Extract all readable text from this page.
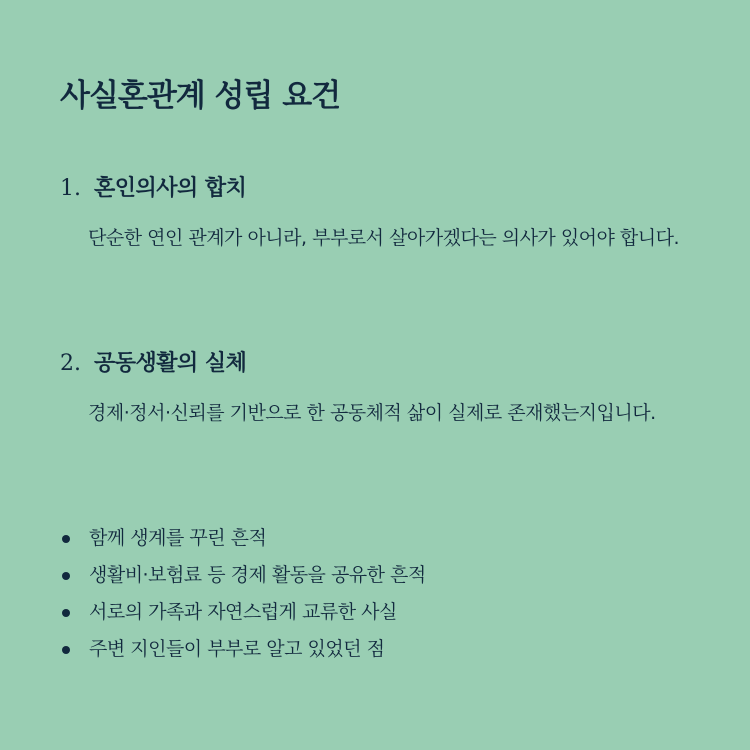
사실혼관계 성립 요건
1. 혼인의사의 합치

단순한 연인 관계가 아니라, 부부로서 살아가겠다는 의사가 있어야 합니다.

2. 공동생활의 실체

경제·정서·신뢰를 기반으로 한 공동체적 삶이 실제로 존재했는지입니다.

함께 생계를 꾸린 흔적
생활비·보험료 등 경제 활동을 공유한 흔적
서로의 가족과 자연스럽게 교류한 사실
주변 지인들이 부부로 알고 있었던 점
